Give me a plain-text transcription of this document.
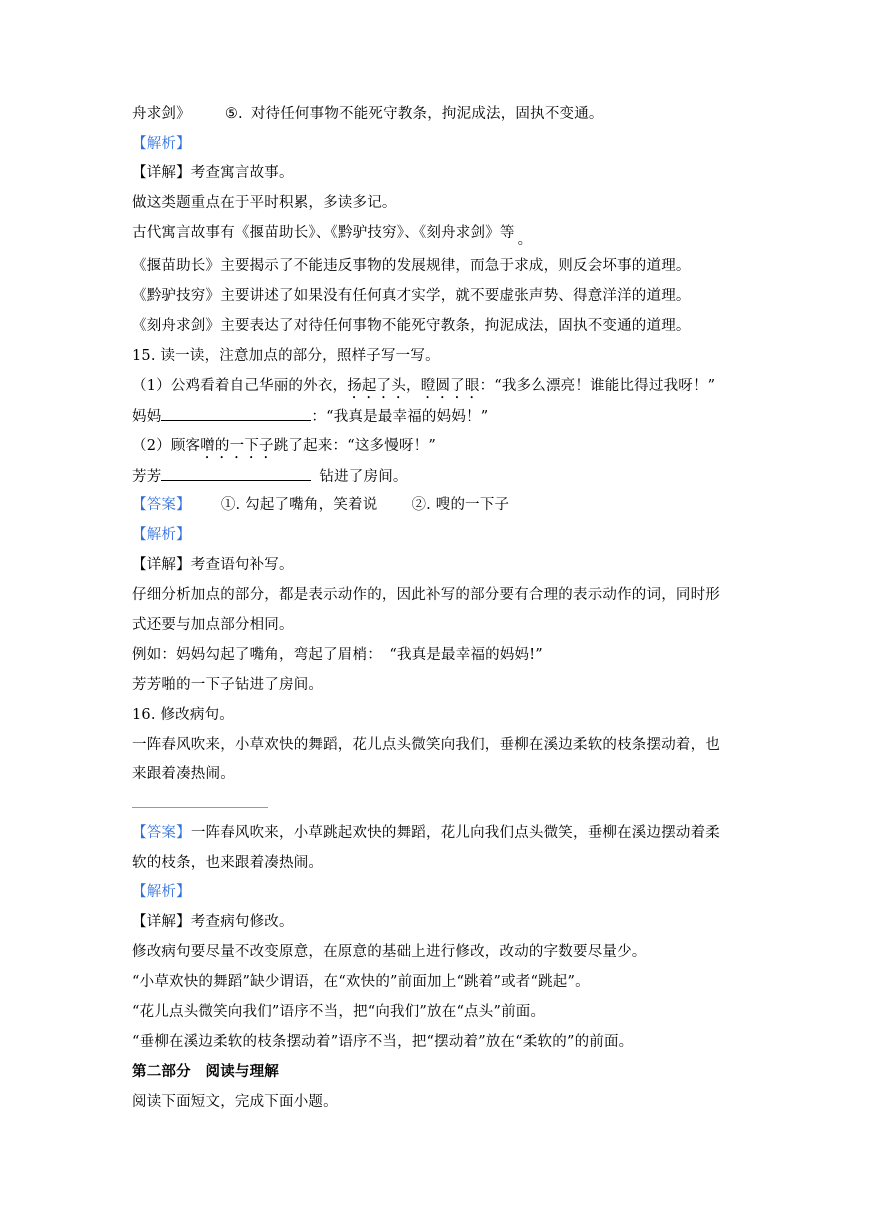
舟求剑》 ⑤. 对待任何事物不能死守教条，拘泥成法，固执不变通。
【解析】
【详解】考查寓言故事。
做这类题重点在于平时积累，多读多记。
古代寓言故事有《揠苗助长》、《黔驴技穷》、《刻舟求剑》等 。
《揠苗助长》主要揭示了不能违反事物的发展规律，而急于求成，则反会坏事的道理。
《黔驴技穷》主要讲述了如果没有任何真才实学，就不要虚张声势、得意洋洋的道理。
《刻舟求剑》主要表达了对待任何事物不能死守教条，拘泥成法，固执不变通的道理。
15. 读一读，注意加点的部分，照样子写一写。
（1）公鸡看着自己华丽的外衣，扬起了头，瞪圆了眼：“我多么漂亮！谁能比得过我呀！”
妈妈	：“我真是最幸福的妈妈！”
（2）顾客噌的一下子跳了起来：“这多慢呀！”
芳芳	钻进了房间。
【答案】 ①. 勾起了嘴角，笑着说 ②. 嗖的一下子
【解析】
【详解】考查语句补写。
仔细分析加点的部分，都是表示动作的，因此补写的部分要有合理的表示动作的词，同时形
式还要与加点部分相同。
例如：妈妈勾起了嘴角，弯起了眉梢：　“我真是最幸福的妈妈!”
芳芳啪的一下子钻进了房间。
16. 修改病句。
一阵春风吹来，小草欢快的舞蹈，花儿点头微笑向我们，垂柳在溪边柔软的枝条摆动着，也
来跟着凑热闹。
【答案】一阵春风吹来，小草跳起欢快的舞蹈，花儿向我们点头微笑，垂柳在溪边摆动着柔
软的枝条，也来跟着凑热闹。
【解析】
【详解】考查病句修改。
修改病句要尽量不改变原意，在原意的基础上进行修改，改动的字数要尽量少。
“小草欢快的舞蹈”缺少谓语，在“欢快的”前面加上“跳着”或者“跳起”。
“花儿点头微笑向我们”语序不当，把“向我们”放在“点头”前面。
“垂柳在溪边柔软的枝条摆动着”语序不当，把“摆动着”放在“柔软的”的前面。
第二部分　阅读与理解
阅读下面短文，完成下面小题。
